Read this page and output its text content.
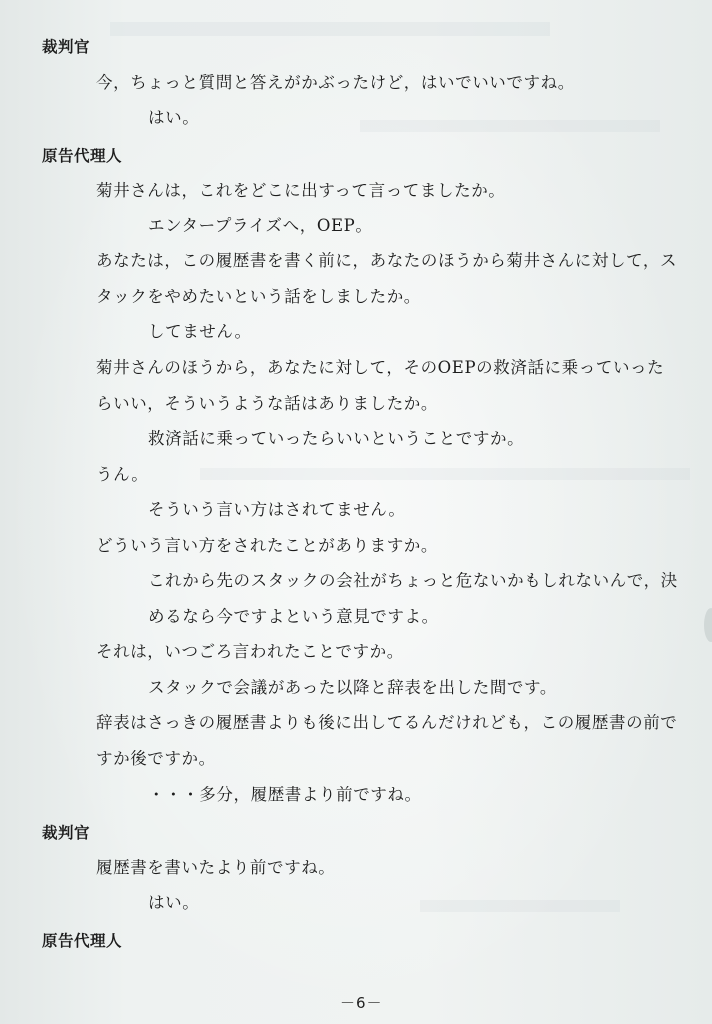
裁判官
今，ちょっと質問と答えがかぶったけど，はいでいいですね。
はい。
原告代理人
菊井さんは，これをどこに出すって言ってましたか。
エンタープライズへ，OEP。
あなたは，この履歴書を書く前に，あなたのほうから菊井さんに対して，ス
タックをやめたいという話をしましたか。
してません。
菊井さんのほうから，あなたに対して，そのOEPの救済話に乗っていった
らいい，そういうような話はありましたか。
救済話に乗っていったらいいということですか。
うん。
そういう言い方はされてません。
どういう言い方をされたことがありますか。
これから先のスタックの会社がちょっと危ないかもしれないんで，決
めるなら今ですよという意見ですよ。
それは，いつごろ言われたことですか。
スタックで会議があった以降と辞表を出した間です。
辞表はさっきの履歴書よりも後に出してるんだけれども，この履歴書の前で
すか後ですか。
・・・多分，履歴書より前ですね。
裁判官
履歴書を書いたより前ですね。
はい。
原告代理人
－6－
